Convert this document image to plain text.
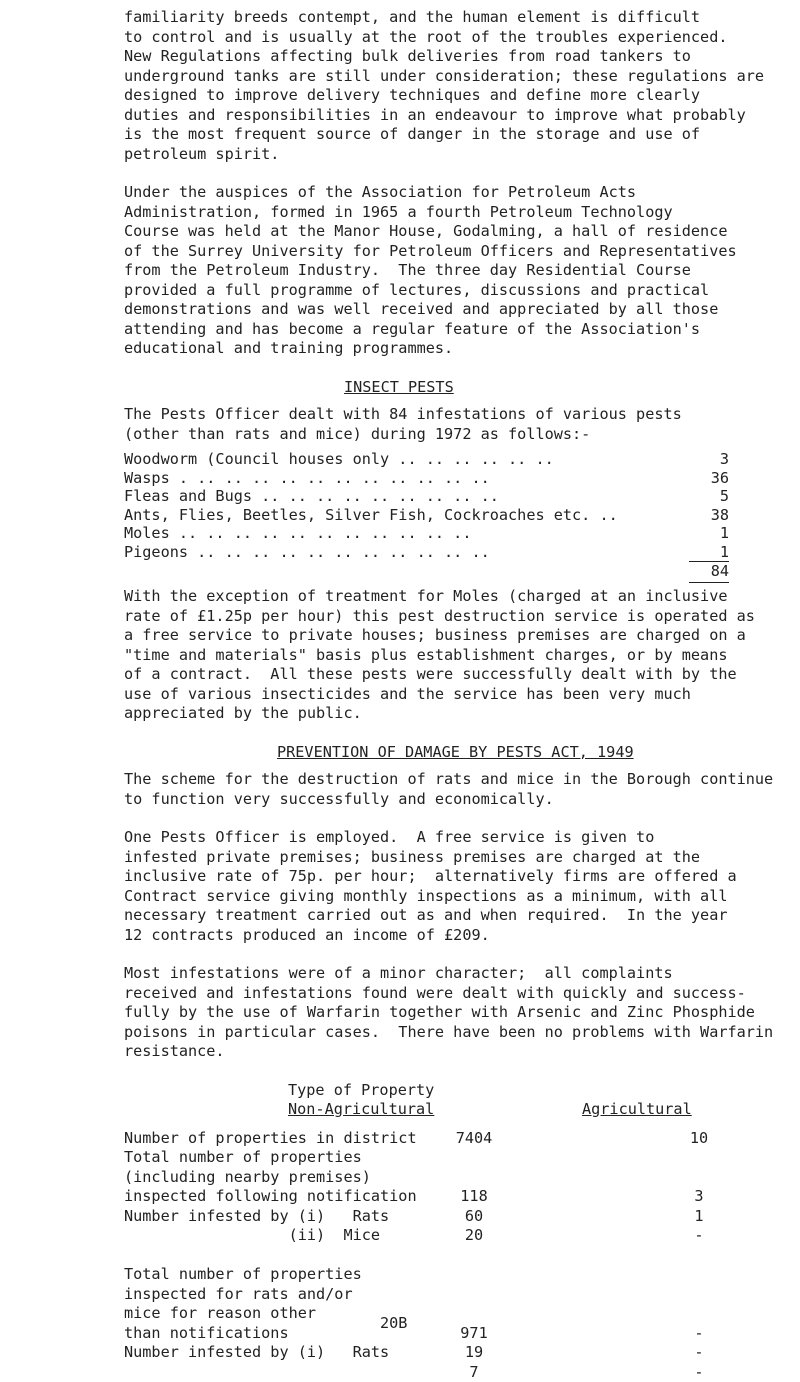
familiarity breeds contempt, and the human element is difficult
to control and is usually at the root of the troubles experienced.
New Regulations affecting bulk deliveries from road tankers to
underground tanks are still under consideration; these regulations are
designed to improve delivery techniques and define more clearly
duties and responsibilities in an endeavour to improve what probably
is the most frequent source of danger in the storage and use of
petroleum spirit.

Under the auspices of the Association for Petroleum Acts
Administration, formed in 1965 a fourth Petroleum Technology
Course was held at the Manor House, Godalming, a hall of residence
of the Surrey University for Petroleum Officers and Representatives
from the Petroleum Industry.  The three day Residential Course
provided a full programme of lectures, discussions and practical
demonstrations and was well received and appreciated by all those
attending and has become a regular feature of the Association's
educational and training programmes.

INSECT PESTS

The Pests Officer dealt with 84 infestations of various pests
(other than rats and mice) during 1972 as follows:-

Woodworm (Council houses only .. .. .. .. .. ..	3
Wasps . .. .. .. .. .. .. .. .. .. .. ..	36
Fleas and Bugs .. .. .. .. .. .. .. .. ..	5
Ants, Flies, Beetles, Silver Fish, Cockroaches etc. ..	38
Moles .. .. .. .. .. .. .. .. .. .. ..	1
Pigeons .. .. .. .. .. .. .. .. .. .. ..	1
84

With the exception of treatment for Moles (charged at an inclusive
rate of £1.25p per hour) this pest destruction service is operated as
a free service to private houses; business premises are charged on a
"time and materials" basis plus establishment charges, or by means
of a contract.  All these pests were successfully dealt with by the
use of various insecticides and the service has been very much
appreciated by the public.

PREVENTION OF DAMAGE BY PESTS ACT, 1949

The scheme for the destruction of rats and mice in the Borough continue
to function very successfully and economically.

One Pests Officer is employed.  A free service is given to
infested private premises; business premises are charged at the
inclusive rate of 75p. per hour;  alternatively firms are offered a
Contract service giving monthly inspections as a minimum, with all
necessary treatment carried out as and when required.  In the year
12 contracts produced an income of £209.

Most infestations were of a minor character;  all complaints
received and infestations found were dealt with quickly and success-
fully by the use of Warfarin together with Arsenic and Zinc Phosphide
poisons in particular cases.  There have been no problems with Warfarin
resistance.

Type of Property
Non-Agricultural	Agricultural
Number of properties in district	7404	10
Total number of properties
(including nearby premises)
inspected following notification	118	3
Number infested by (i)   Rats	60	1
(ii)  Mice	20	-
Total number of properties
inspected for rats and/or
mice for reason other
than notifications	971	-
Number infested by (i)   Rats	19	-
7	-
20B
